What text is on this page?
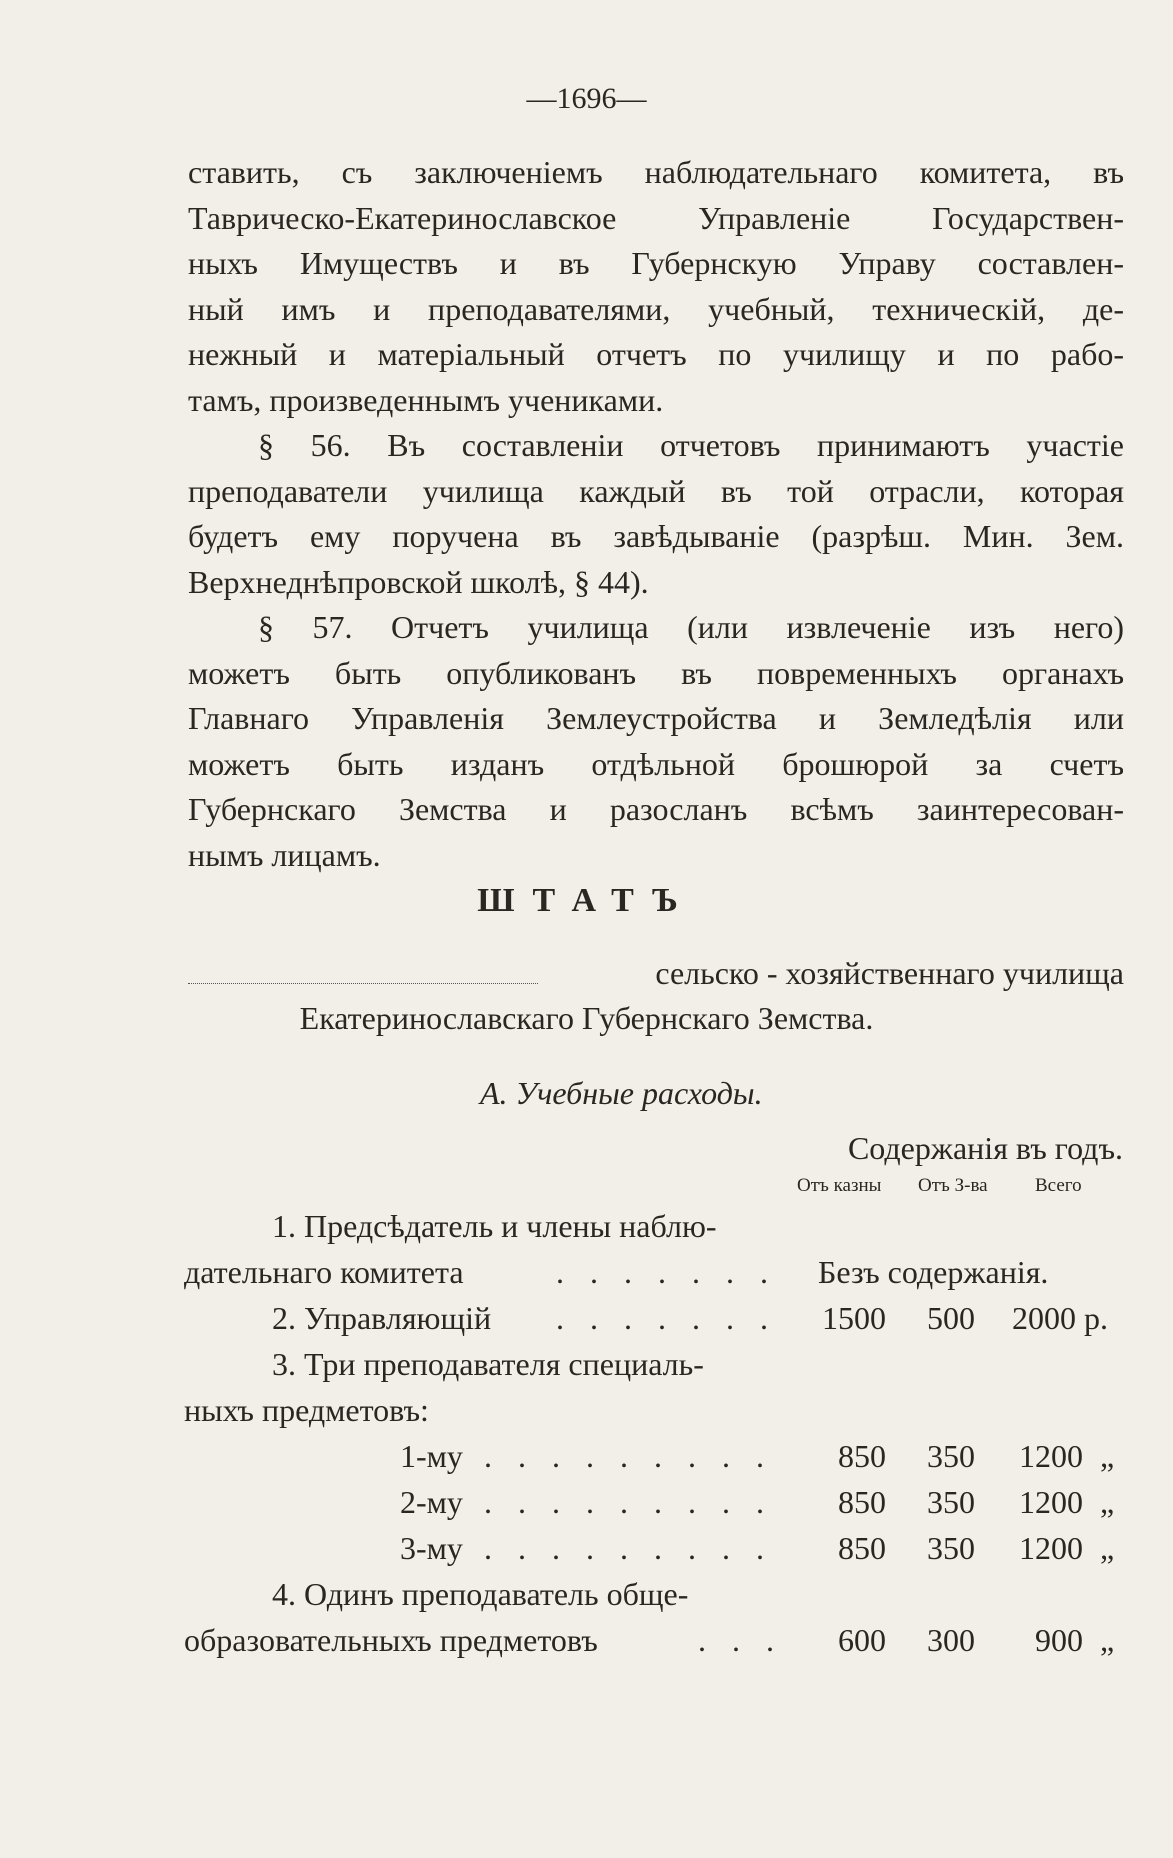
—1696—
ставить, съ заключеніемъ наблюдательнаго комитета, въ
Таврическо-Екатеринославское Управленіе Государствен-
ныхъ Имуществъ и въ Губернскую Управу составлен-
ный имъ и преподавателями, учебный, техническій, де-
нежный и матеріальный отчетъ по училищу и по рабо-
тамъ, произведеннымъ учениками.
§ 56. Въ составленіи отчетовъ принимаютъ участіе
преподаватели училища каждый въ той отрасли, которая
будетъ ему поручена въ завѣдываніе (разрѣш. Мин. Зем.
Верхнеднѣпровской школѣ, § 44).
§ 57. Отчетъ училища (или извлеченіе изъ него)
можетъ быть опубликованъ въ повременныхъ органахъ
Главнаго Управленія Землеустройства и Земледѣлія или
можетъ быть изданъ отдѣльной брошюрой за счетъ
Губернскаго Земства и разосланъ всѣмъ заинтересован-
нымъ лицамъ.
ШТАТЪ
сельско - хозяйственнаго училища
Екатеринославскаго Губернскаго Земства.
А. Учебные расходы.
Содержанія въ годъ.
Отъ казны Отъ З-ва Всего
1. Предсѣдатель и члены наблю-
дательнаго комитета	. . . . . . . Безъ содержанія.
2. Управляющій . . . . . . . 1500 500 2000 р.
3. Три преподавателя специаль-
ныхъ предметовъ:
1-му . . . . . . . . . 850 350 1200 „
2-му . . . . . . . . . 850 350 1200 „
3-му . . . . . . . . . 850 350 1200 „
4. Одинъ преподаватель обще-
образовательныхъ предметовъ	. . . 600 300 900 „
